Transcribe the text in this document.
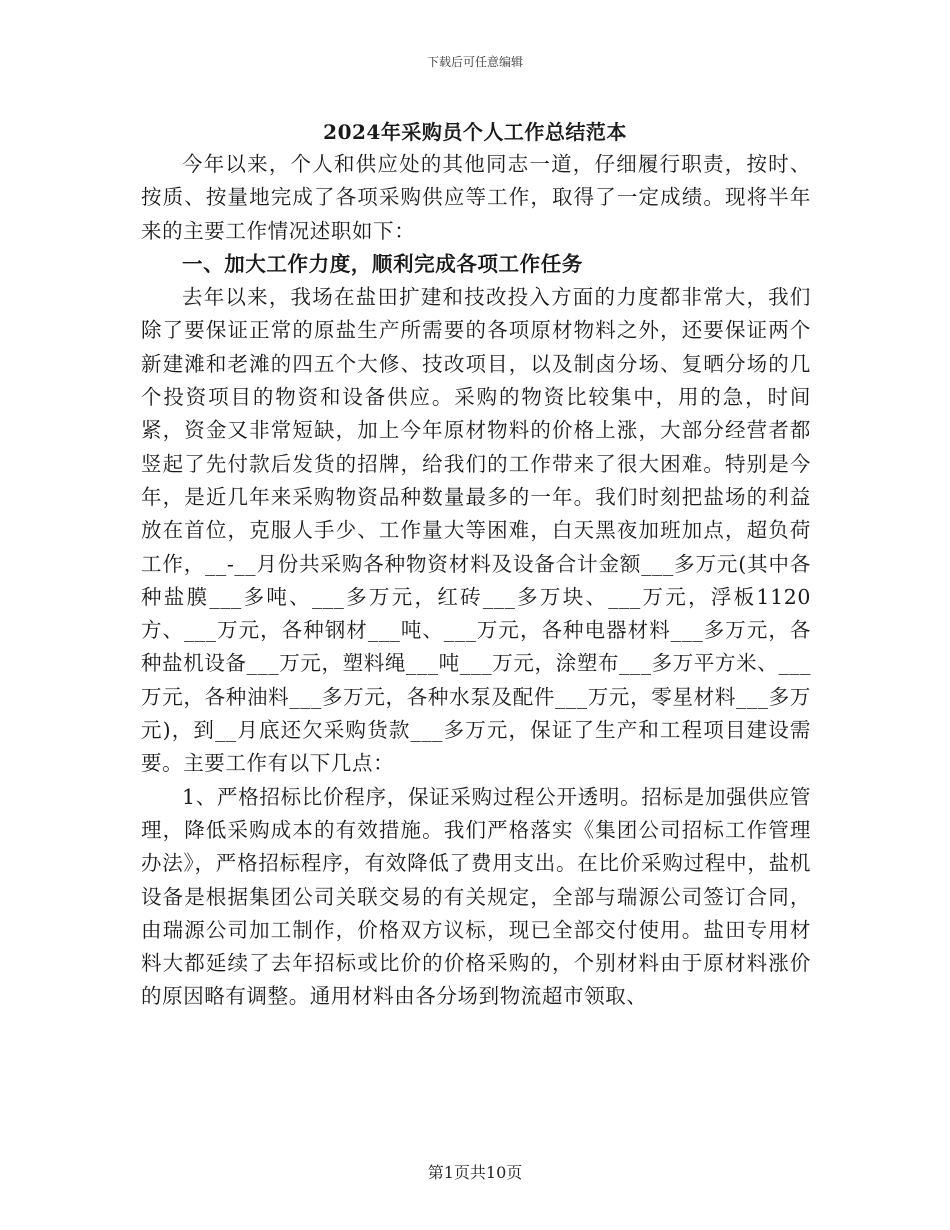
下载后可任意编辑
2024年采购员个人工作总结范本

今年以来，个人和供应处的其他同志一道，仔细履行职责，按时、按质、按量地完成了各项采购供应等工作，取得了一定成绩。现将半年来的主要工作情况述职如下：

一、加大工作力度，顺利完成各项工作任务

去年以来，我场在盐田扩建和技改投入方面的力度都非常大，我们除了要保证正常的原盐生产所需要的各项原材物料之外，还要保证两个新建滩和老滩的四五个大修、技改项目，以及制卤分场、复晒分场的几个投资项目的物资和设备供应。采购的物资比较集中，用的急，时间紧，资金又非常短缺，加上今年原材物料的价格上涨，大部分经营者都竖起了先付款后发货的招牌，给我们的工作带来了很大困难。特别是今年，是近几年来采购物资品种数量最多的一年。我们时刻把盐场的利益放在首位，克服人手少、工作量大等困难，白天黑夜加班加点，超负荷工作，__-__月份共采购各种物资材料及设备合计金额___多万元(其中各种盐膜___多吨、___多万元，红砖___多万块、___万元，浮板1120方、___万元，各种钢材___吨、___万元，各种电器材料___多万元，各种盐机设备___万元，塑料绳___吨___万元，涂塑布___多万平方米、___万元，各种油料___多万元，各种水泵及配件___万元，零星材料___多万元)，到__月底还欠采购货款___多万元，保证了生产和工程项目建设需要。主要工作有以下几点：

1、严格招标比价程序，保证采购过程公开透明。招标是加强供应管理，降低采购成本的有效措施。我们严格落实《集团公司招标工作管理办法》，严格招标程序，有效降低了费用支出。在比价采购过程中，盐机设备是根据集团公司关联交易的有关规定，全部与瑞源公司签订合同，由瑞源公司加工制作，价格双方议标，现已全部交付使用。盐田专用材料大都延续了去年招标或比价的价格采购的，个别材料由于原材料涨价的原因略有调整。通用材料由各分场到物流超市领取、

第1页共10页
